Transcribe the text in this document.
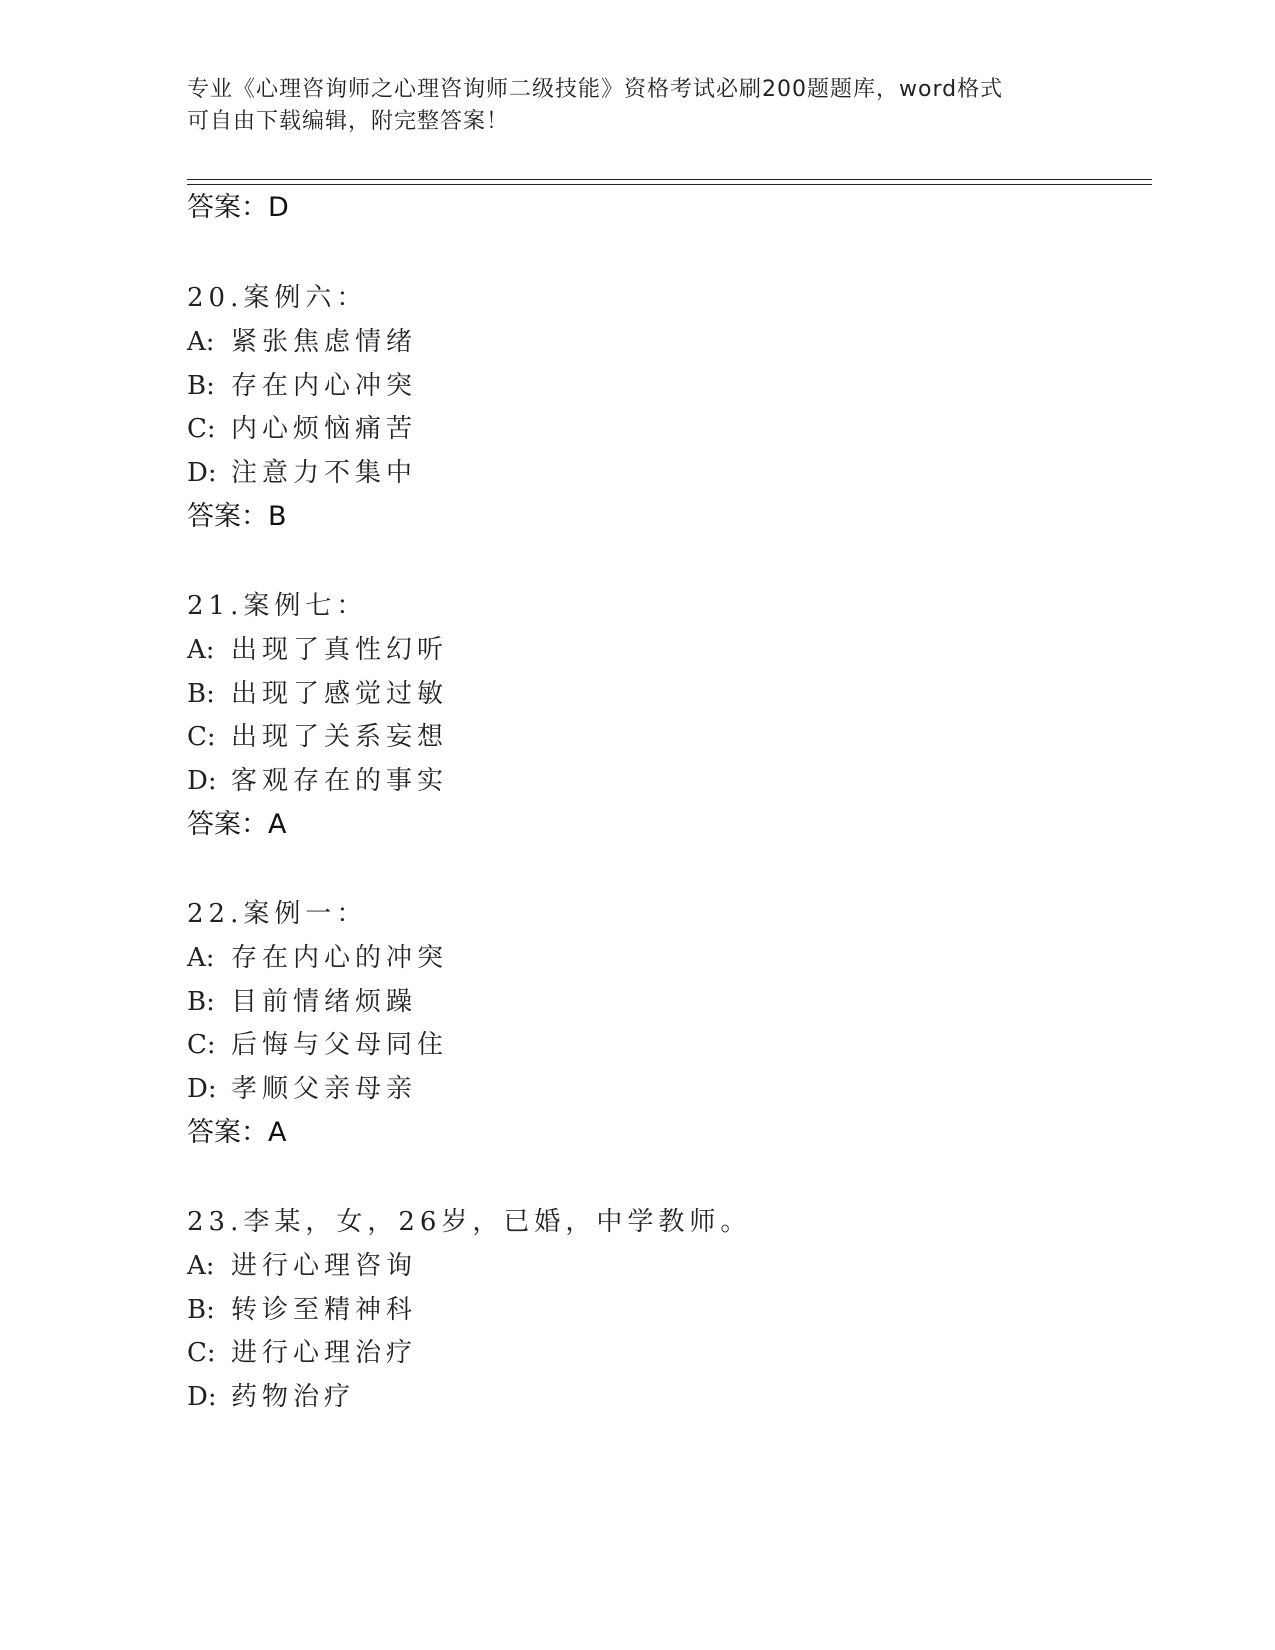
专业《心理咨询师之心理咨询师二级技能》资格考试必刷200题题库，word格式
可自由下载编辑，附完整答案！
答案：D
20.案例六：
A: 紧张焦虑情绪
B: 存在内心冲突
C: 内心烦恼痛苦
D: 注意力不集中
答案：B
21.案例七：
A: 出现了真性幻听
B: 出现了感觉过敏
C: 出现了关系妄想
D: 客观存在的事实
答案：A
22.案例一：
A: 存在内心的冲突
B: 目前情绪烦躁
C: 后悔与父母同住
D: 孝顺父亲母亲
答案：A
23.李某，女，26岁，已婚，中学教师。
A: 进行心理咨询
B: 转诊至精神科
C: 进行心理治疗
D: 药物治疗
